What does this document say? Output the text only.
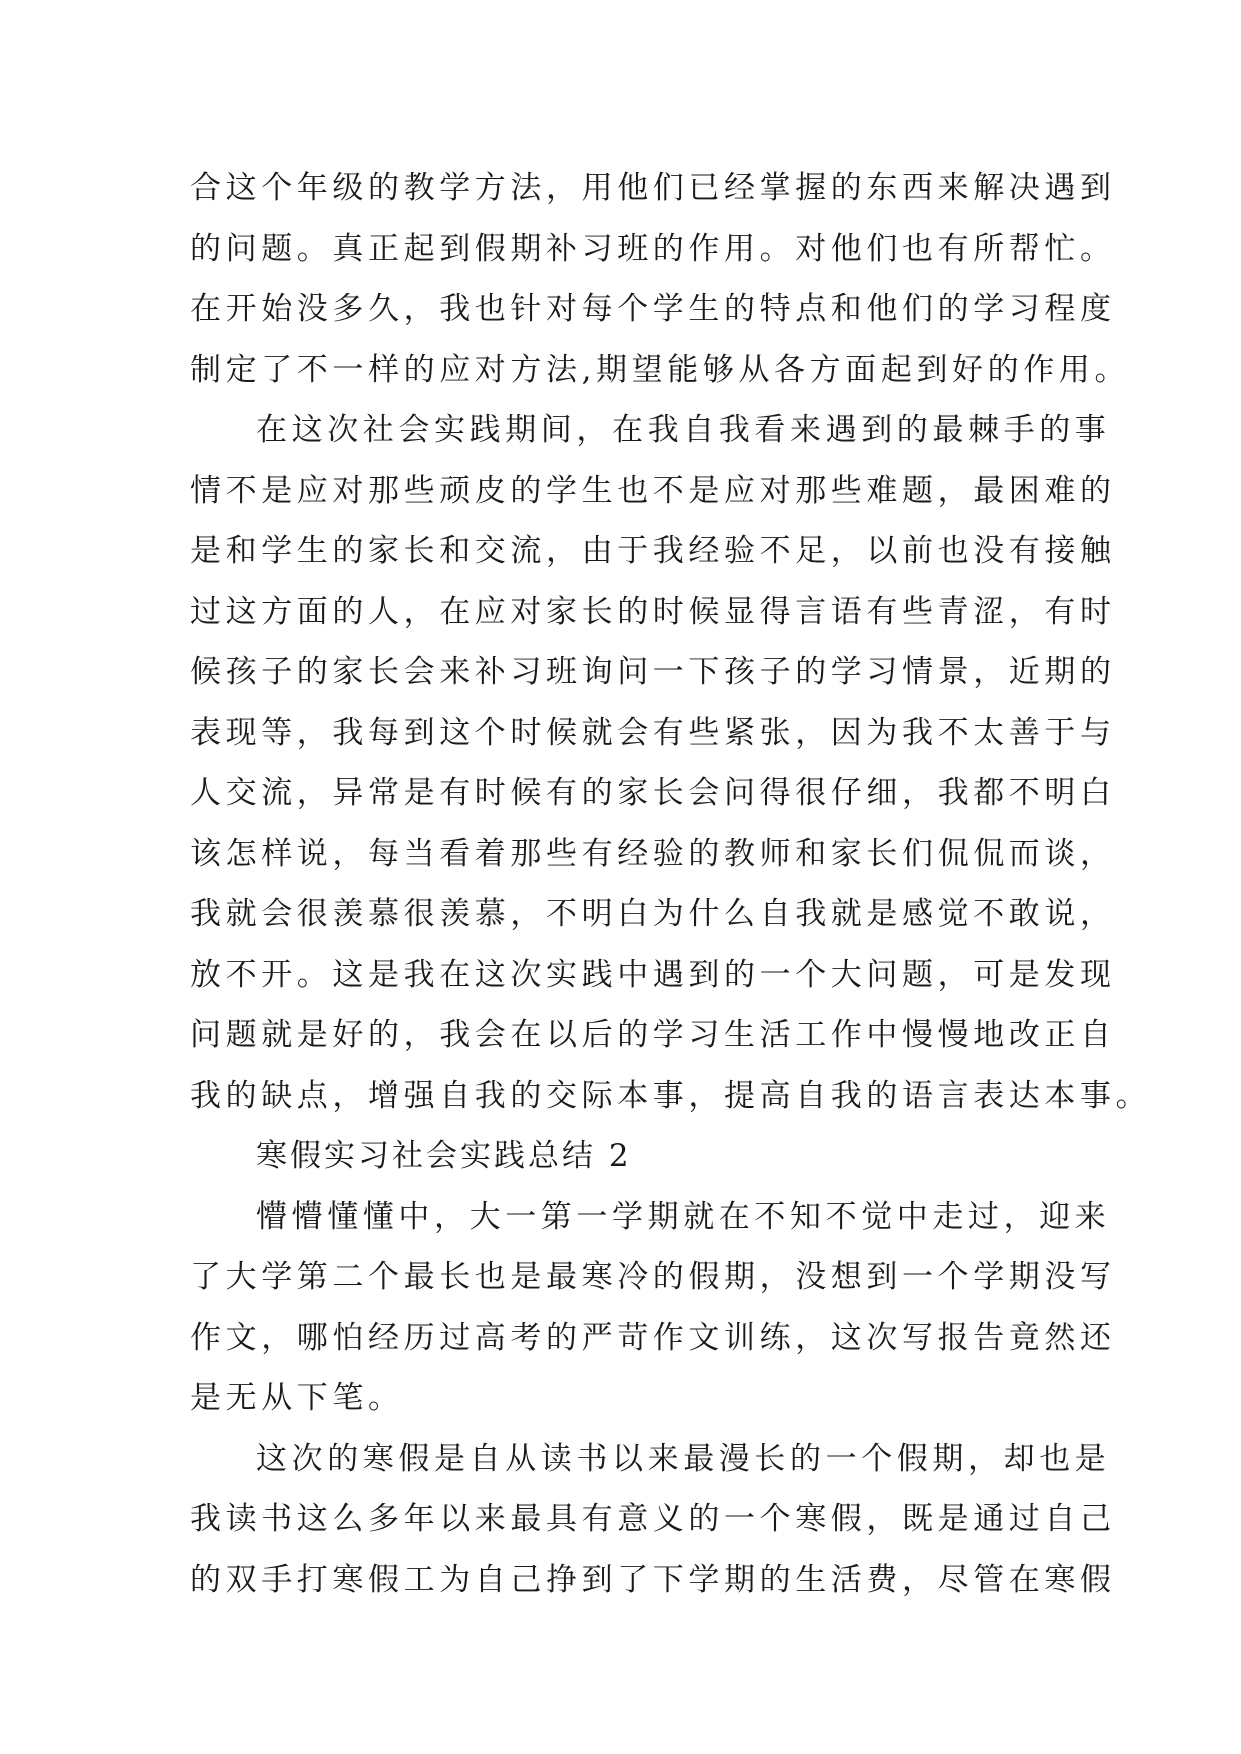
合这个年级的教学方法，用他们已经掌握的东西来解决遇到
的问题。真正起到假期补习班的作用。对他们也有所帮忙。
在开始没多久，我也针对每个学生的特点和他们的学习程度
制定了不一样的应对方法,期望能够从各方面起到好的作用。
在这次社会实践期间，在我自我看来遇到的最棘手的事
情不是应对那些顽皮的学生也不是应对那些难题，最困难的
是和学生的家长和交流，由于我经验不足，以前也没有接触
过这方面的人，在应对家长的时候显得言语有些青涩，有时
候孩子的家长会来补习班询问一下孩子的学习情景，近期的
表现等，我每到这个时候就会有些紧张，因为我不太善于与
人交流，异常是有时候有的家长会问得很仔细，我都不明白
该怎样说，每当看着那些有经验的教师和家长们侃侃而谈，
我就会很羡慕很羡慕，不明白为什么自我就是感觉不敢说，
放不开。这是我在这次实践中遇到的一个大问题，可是发现
问题就是好的，我会在以后的学习生活工作中慢慢地改正自
我的缺点，增强自我的交际本事，提高自我的语言表达本事。
寒假实习社会实践总结 2
懵懵懂懂中，大一第一学期就在不知不觉中走过，迎来
了大学第二个最长也是最寒冷的假期，没想到一个学期没写
作文，哪怕经历过高考的严苛作文训练，这次写报告竟然还
是无从下笔。
这次的寒假是自从读书以来最漫长的一个假期，却也是
我读书这么多年以来最具有意义的一个寒假，既是通过自己
的双手打寒假工为自己挣到了下学期的生活费，尽管在寒假
